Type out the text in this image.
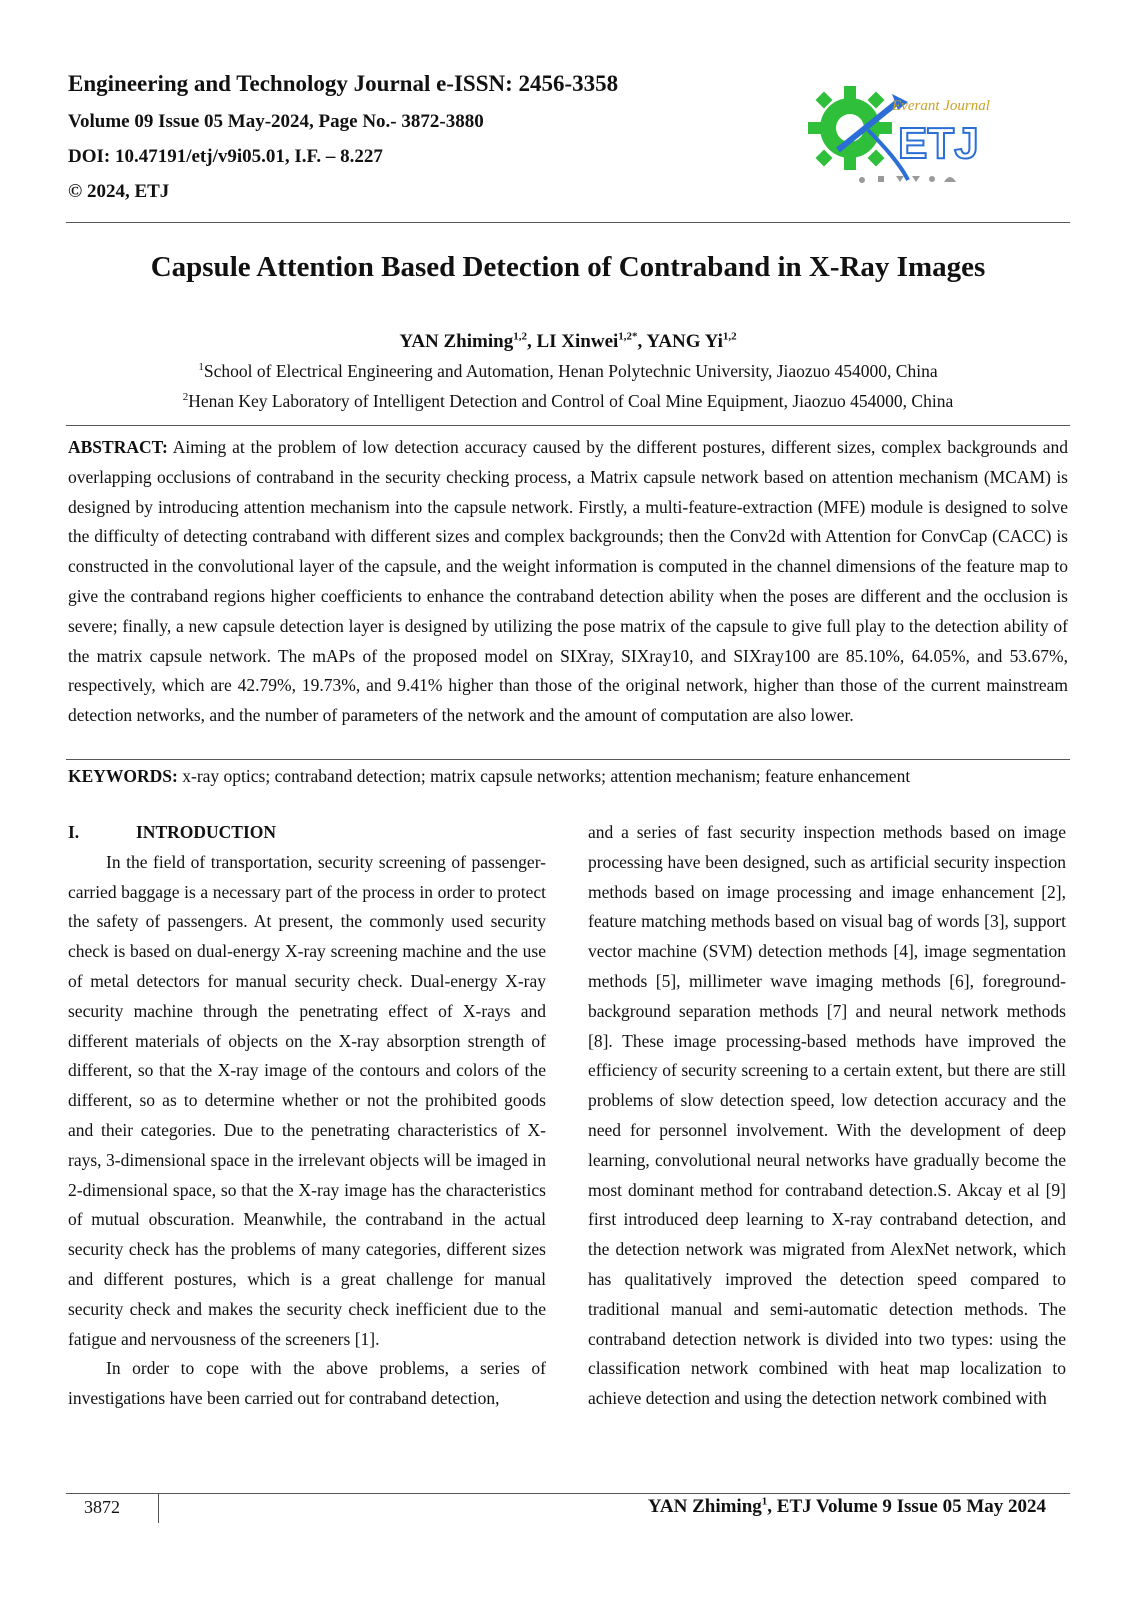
Engineering and Technology Journal e-ISSN: 2456-3358
Volume 09 Issue 05 May-2024, Page No.- 3872-3880
DOI: 10.47191/etj/v9i05.01, I.F. – 8.227
© 2024, ETJ
Everant Journal
ETJ
Capsule Attention Based Detection of Contraband in X-Ray Images
YAN Zhiming$^{1,2}$, LI Xinwei$^{1,2*}$, YANG Yi$^{1,2}$
$^1$School of Electrical Engineering and Automation, Henan Polytechnic University, Jiaozuo 454000, China
$^2$Henan Key Laboratory of Intelligent Detection and Control of Coal Mine Equipment, Jiaozuo 454000, China

ABSTRACT: Aiming at the problem of low detection accuracy caused by the different postures, different sizes, complex backgrounds and overlapping occlusions of contraband in the security checking process, a Matrix capsule network based on attention mechanism (MCAM) is designed by introducing attention mechanism into the capsule network. Firstly, a multi-feature-extraction (MFE) module is designed to solve the difficulty of detecting contraband with different sizes and complex backgrounds; then the Conv2d with Attention for ConvCap (CACC) is constructed in the convolutional layer of the capsule, and the weight information is computed in the channel dimensions of the feature map to give the contraband regions higher coefficients to enhance the contraband detection ability when the poses are different and the occlusion is severe; finally, a new capsule detection layer is designed by utilizing the pose matrix of the capsule to give full play to the detection ability of the matrix capsule network. The mAPs of the proposed model on SIXray, SIXray10, and SIXray100 are 85.10%, 64.05%, and 53.67%, respectively, which are 42.79%, 19.73%, and 9.41% higher than those of the original network, higher than those of the current mainstream detection networks, and the number of parameters of the network and the amount of computation are also lower.

KEYWORDS: x-ray optics; contraband detection; matrix capsule networks; attention mechanism; feature enhancement

I.	INTRODUCTION

In the field of transportation, security screening of passenger-carried baggage is a necessary part of the process in order to protect the safety of passengers. At present, the commonly used security check is based on dual-energy X-ray screening machine and the use of metal detectors for manual security check. Dual-energy X-ray security machine through the penetrating effect of X-rays and different materials of objects on the X-ray absorption strength of different, so that the X-ray image of the contours and colors of the different, so as to determine whether or not the prohibited goods and their categories. Due to the penetrating characteristics of X-rays, 3-dimensional space in the irrelevant objects will be imaged in 2-dimensional space, so that the X-ray image has the characteristics of mutual obscuration. Meanwhile, the contraband in the actual security check has the problems of many categories, different sizes and different postures, which is a great challenge for manual security check and makes the security check inefficient due to the fatigue and nervousness of the screeners [1].

In order to cope with the above problems, a series of investigations have been carried out for contraband detection,

and a series of fast security inspection methods based on image processing have been designed, such as artificial security inspection methods based on image processing and image enhancement [2], feature matching methods based on visual bag of words [3], support vector machine (SVM) detection methods [4], image segmentation methods [5], millimeter wave imaging methods [6], foreground-background separation methods [7] and neural network methods [8]. These image processing-based methods have improved the efficiency of security screening to a certain extent, but there are still problems of slow detection speed, low detection accuracy and the need for personnel involvement. With the development of deep learning, convolutional neural networks have gradually become the most dominant method for contraband detection.S. Akcay et al [9] first introduced deep learning to X-ray contraband detection, and the detection network was migrated from AlexNet network, which has qualitatively improved the detection speed compared to traditional manual and semi-automatic detection methods. The contraband detection network is divided into two types: using the classification network combined with heat map localization to achieve detection and using the detection network combined with

3872	YAN Zhiming$^1$, ETJ Volume 9 Issue 05 May 2024
